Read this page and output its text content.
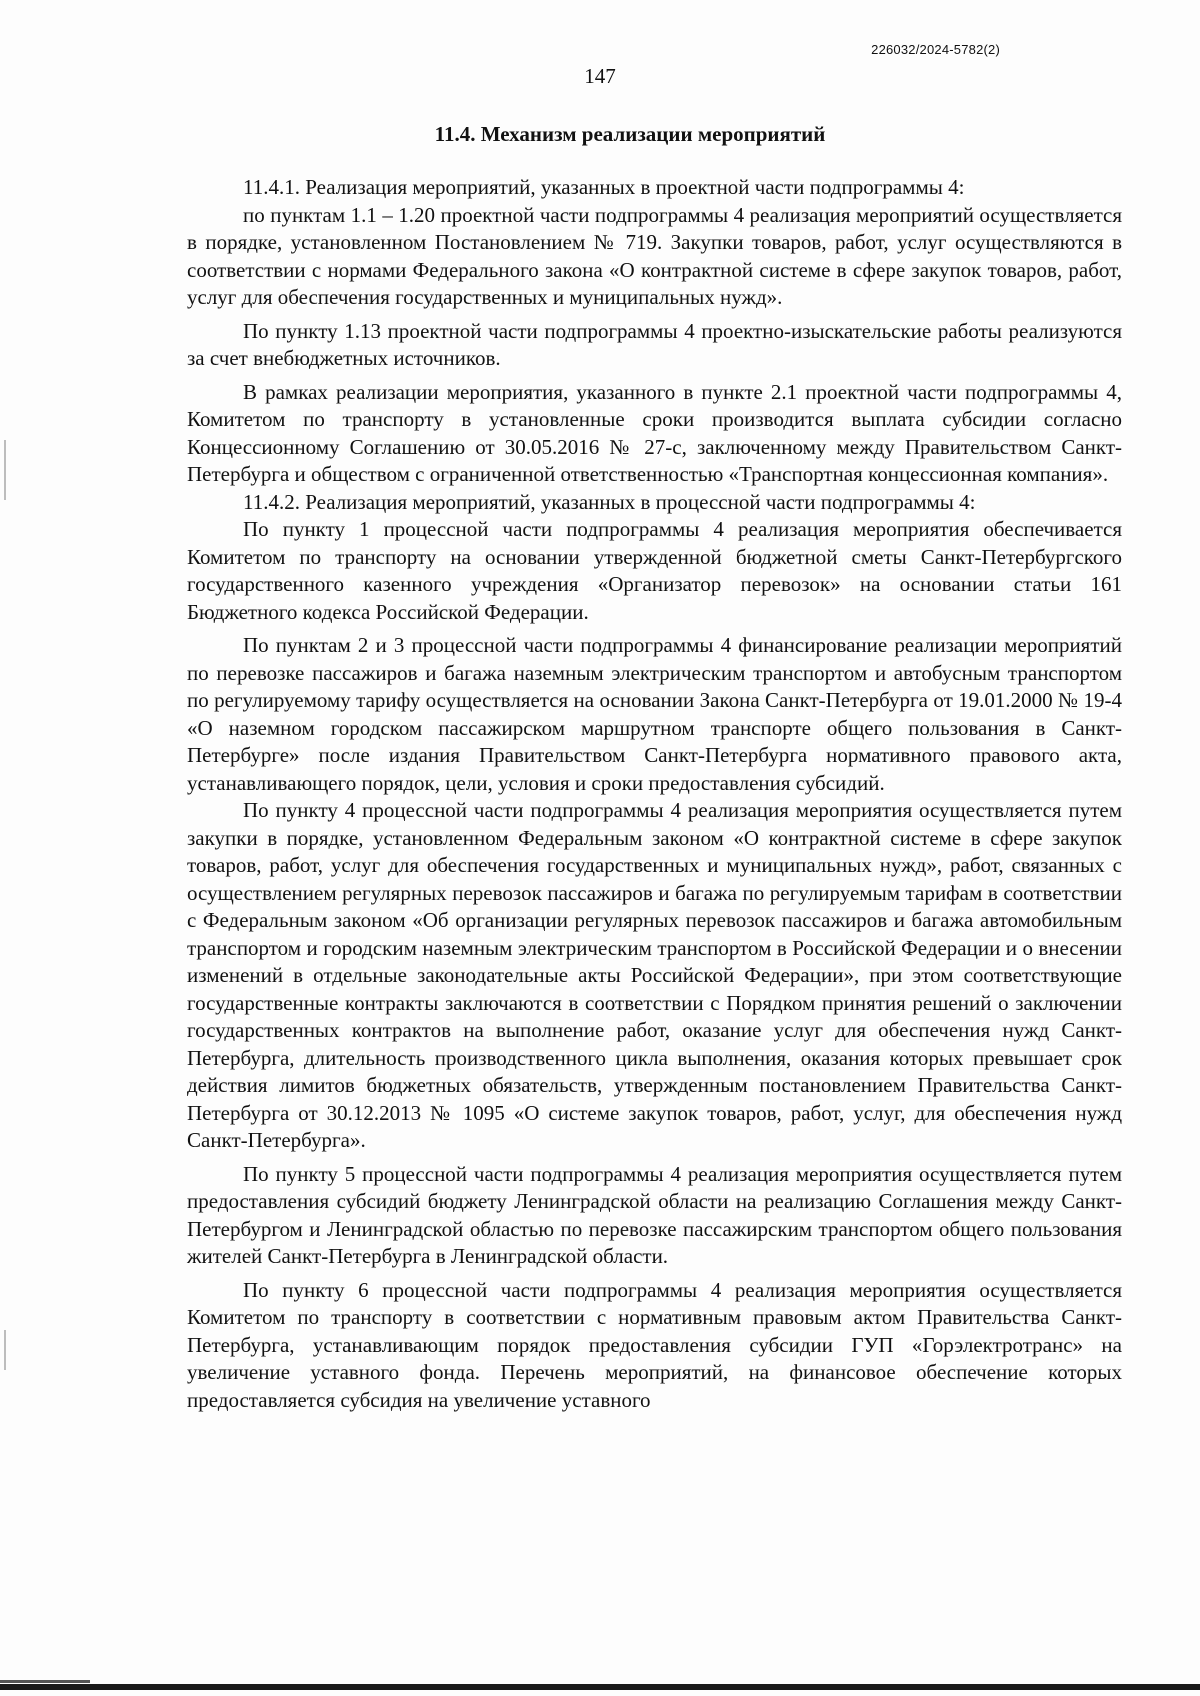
226032/2024-5782(2)
147
11.4. Механизм реализации мероприятий

11.4.1. Реализация мероприятий, указанных в проектной части подпрограммы 4:

по пунктам 1.1 – 1.20 проектной части подпрограммы 4 реализация мероприятий осуществляется в порядке, установленном Постановлением № 719. Закупки товаров, работ, услуг осуществляются в соответствии с нормами Федерального закона «О контрактной системе в сфере закупок товаров, работ, услуг для обеспечения государственных и муниципальных нужд».

По пункту 1.13 проектной части подпрограммы 4 проектно-изыскательские работы реализуются за счет внебюджетных источников.

В рамках реализации мероприятия, указанного в пункте 2.1 проектной части подпрограммы 4, Комитетом по транспорту в установленные сроки производится выплата субсидии согласно Концессионному Соглашению от 30.05.2016 № 27-с, заключенному между Правительством Санкт-Петербурга и обществом с ограниченной ответственностью «Транспортная концессионная компания».

11.4.2. Реализация мероприятий, указанных в процессной части подпрограммы 4:

По пункту 1 процессной части подпрограммы 4 реализация мероприятия обеспечивается Комитетом по транспорту на основании утвержденной бюджетной сметы Санкт-Петербургского государственного казенного учреждения «Организатор перевозок» на основании статьи 161 Бюджетного кодекса Российской Федерации.

По пунктам 2 и 3 процессной части подпрограммы 4 финансирование реализации мероприятий по перевозке пассажиров и багажа наземным электрическим транспортом и автобусным транспортом по регулируемому тарифу осуществляется на основании Закона Санкт-Петербурга от 19.01.2000 № 19-4 «О наземном городском пассажирском маршрутном транспорте общего пользования в Санкт-Петербурге» после издания Правительством Санкт-Петербурга нормативного правового акта, устанавливающего порядок, цели, условия и сроки предоставления субсидий.

По пункту 4 процессной части подпрограммы 4 реализация мероприятия осуществляется путем закупки в порядке, установленном Федеральным законом «О контрактной системе в сфере закупок товаров, работ, услуг для обеспечения государственных и муниципальных нужд», работ, связанных с осуществлением регулярных перевозок пассажиров и багажа по регулируемым тарифам в соответствии с Федеральным законом «Об организации регулярных перевозок пассажиров и багажа автомобильным транспортом и городским наземным электрическим транспортом в Российской Федерации и о внесении изменений в отдельные законодательные акты Российской Федерации», при этом соответствующие государственные контракты заключаются в соответствии с Порядком принятия решений о заключении государственных контрактов на выполнение работ, оказание услуг для обеспечения нужд Санкт-Петербурга, длительность производственного цикла выполнения, оказания которых превышает срок действия лимитов бюджетных обязательств, утвержденным постановлением Правительства Санкт-Петербурга от 30.12.2013 № 1095 «О системе закупок товаров, работ, услуг, для обеспечения нужд Санкт-Петербурга».

По пункту 5 процессной части подпрограммы 4 реализация мероприятия осуществляется путем предоставления субсидий бюджету Ленинградской области на реализацию Соглашения между Санкт-Петербургом и Ленинградской областью по перевозке пассажирским транспортом общего пользования жителей Санкт-Петербурга в Ленинградской области.

По пункту 6 процессной части подпрограммы 4 реализация мероприятия осуществляется Комитетом по транспорту в соответствии с нормативным правовым актом Правительства Санкт-Петербурга, устанавливающим порядок предоставления субсидии ГУП «Горэлектротранс» на увеличение уставного фонда. Перечень мероприятий, на финансовое обеспечение которых предоставляется субсидия на увеличение уставного
